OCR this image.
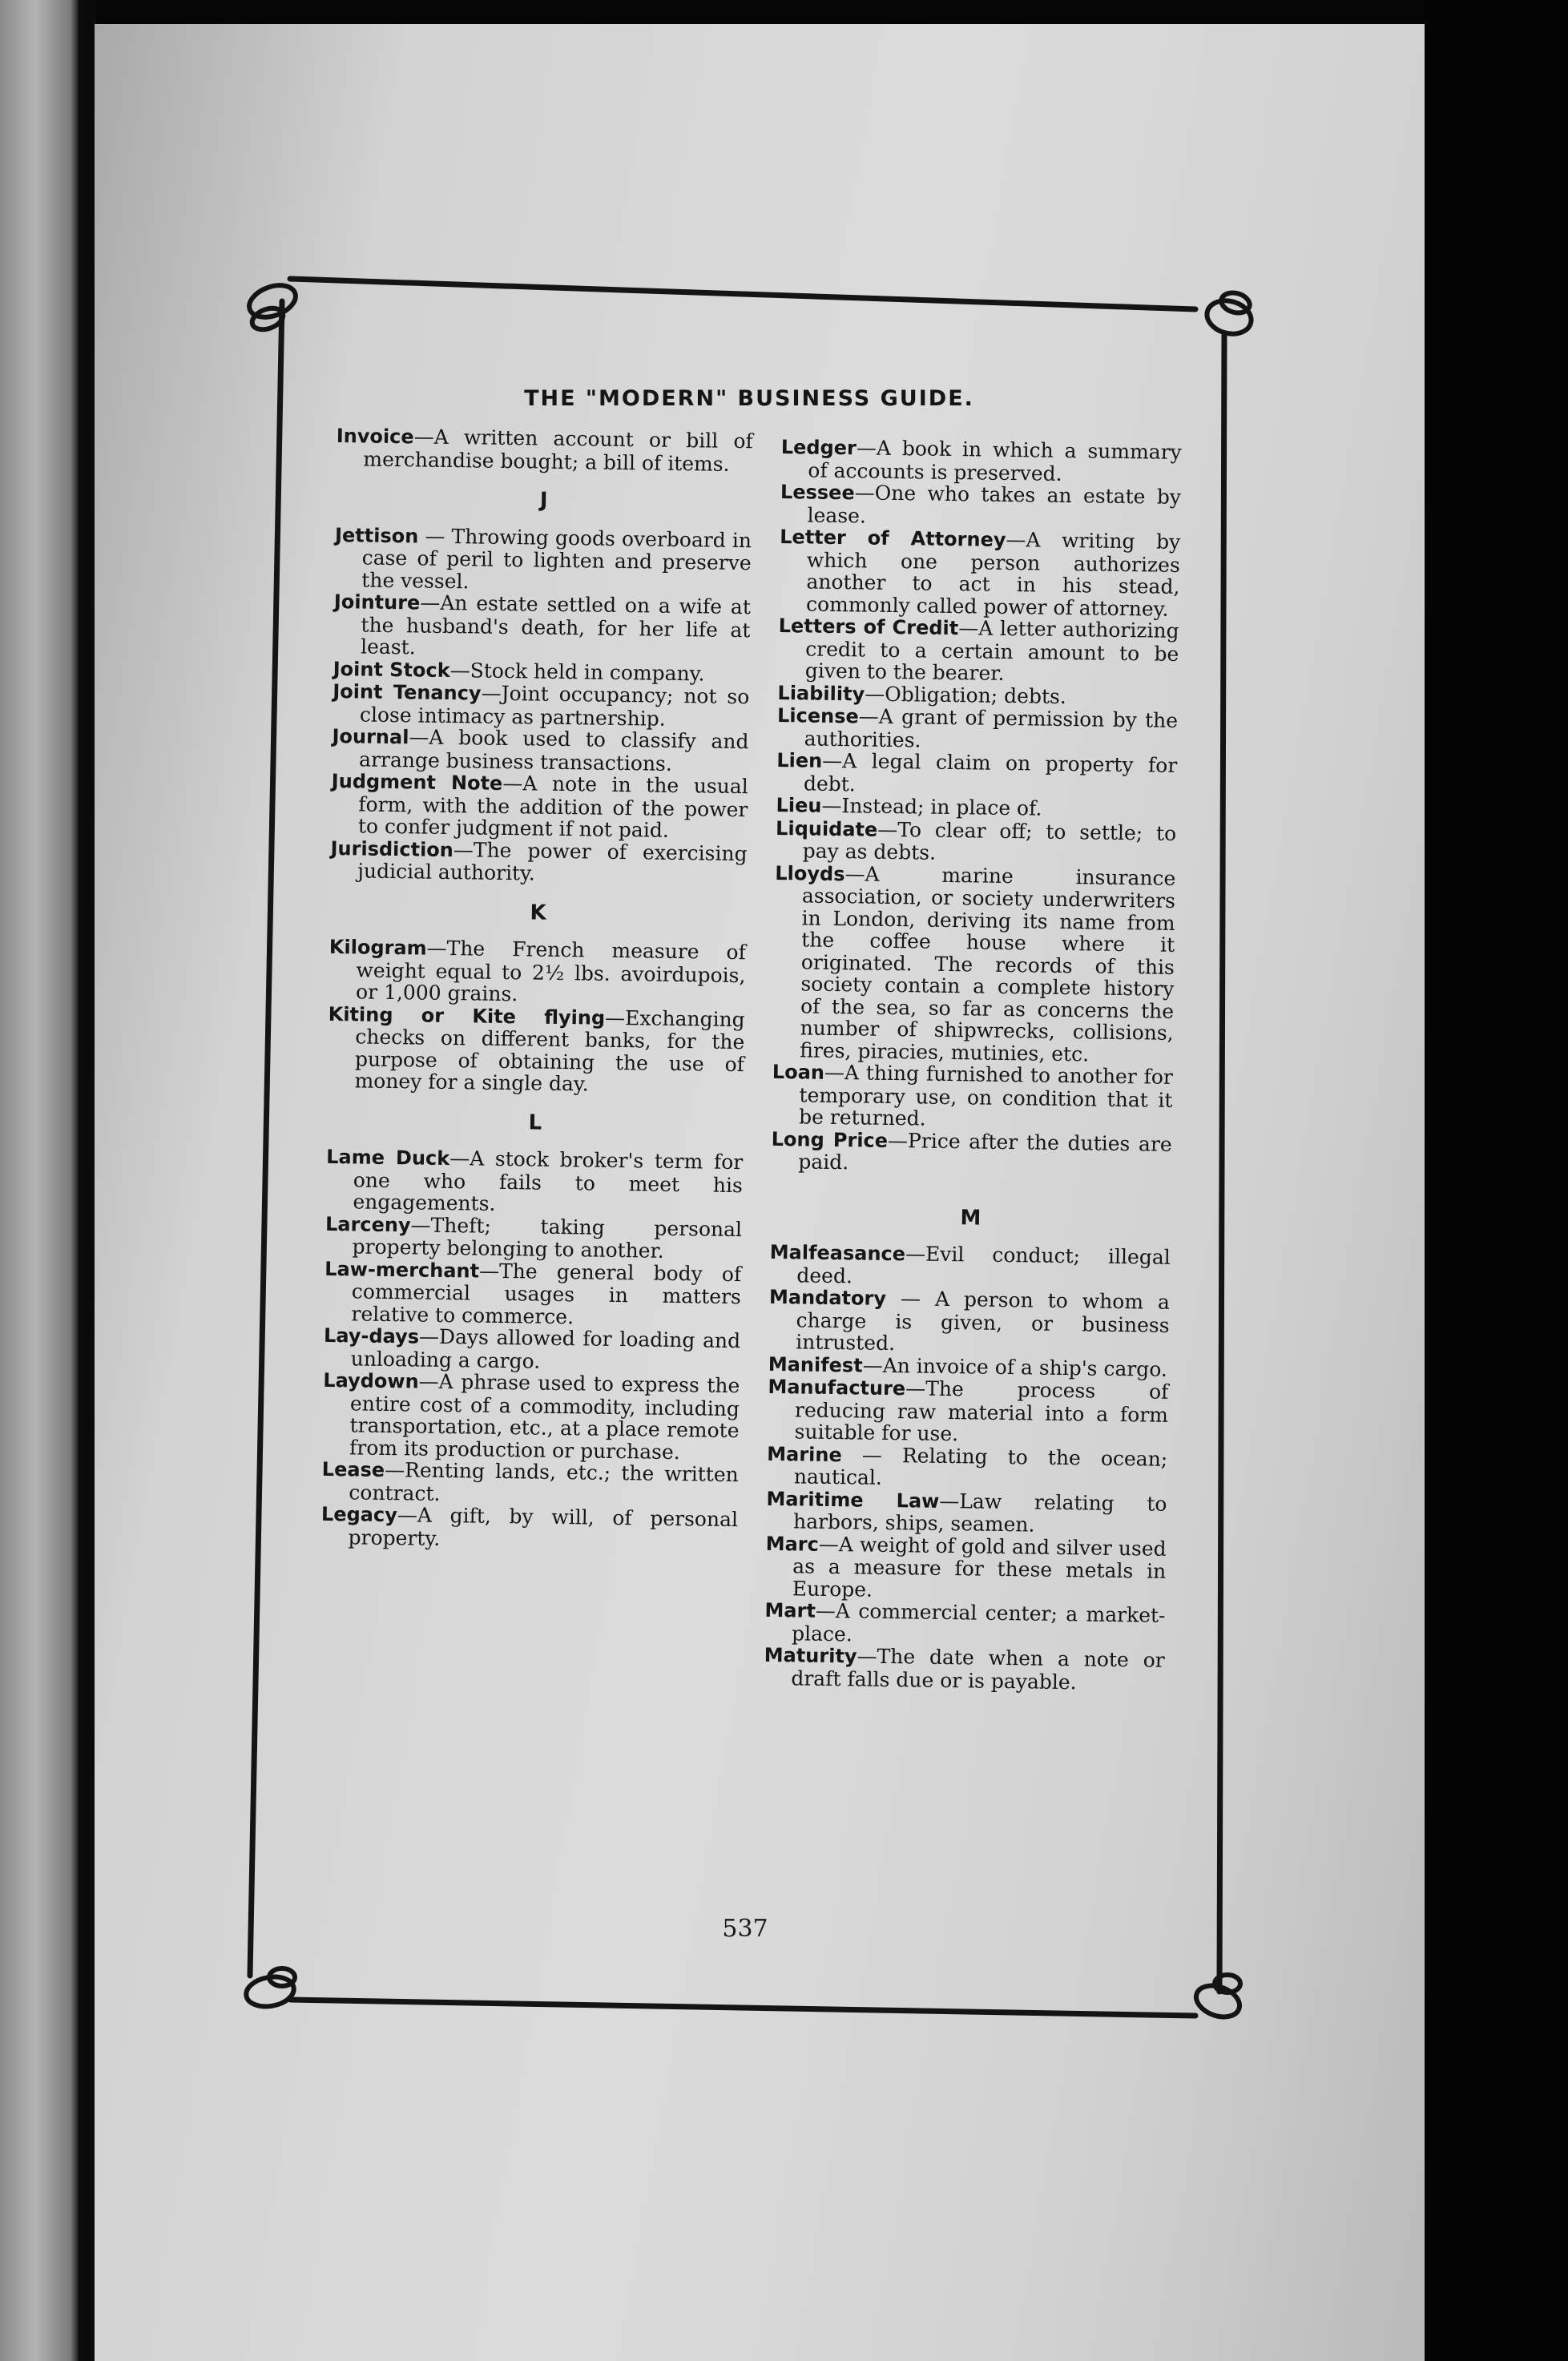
THE "MODERN" BUSINESS GUIDE.

Invoice—A written account or bill of merchandise bought; a bill of items.

J

Jettison — Throwing goods overboard in case of peril to lighten and preserve the vessel.

Jointure—An estate settled on a wife at the husband's death, for her life at least.

Joint Stock—Stock held in company.

Joint Tenancy—Joint occupancy; not so close intimacy as partnership.

Journal—A book used to classify and arrange business transactions.

Judgment Note—A note in the usual form, with the addition of the power to confer judgment if not paid.

Jurisdiction—The power of exercising judicial authority.

K

Kilogram—The French measure of weight equal to 2½ lbs. avoirdupois, or 1,000 grains.

Kiting or Kite flying—Exchanging checks on different banks, for the purpose of obtaining the use of money for a single day.

L

Lame Duck—A stock broker's term for one who fails to meet his engagements.

Larceny—Theft; taking personal property belonging to another.

Law-merchant—The general body of commercial usages in matters relative to commerce.

Lay-days—Days allowed for loading and unloading a cargo.

Laydown—A phrase used to express the entire cost of a commodity, including transportation, etc., at a place remote from its production or purchase.

Lease—Renting lands, etc.; the written contract.

Legacy—A gift, by will, of personal property.

Ledger—A book in which a summary of accounts is preserved.

Lessee—One who takes an estate by lease.

Letter of Attorney—A writing by which one person authorizes another to act in his stead, commonly called power of attorney.

Letters of Credit—A letter authorizing credit to a certain amount to be given to the bearer.

Liability—Obligation; debts.

License—A grant of permission by the authorities.

Lien—A legal claim on property for debt.

Lieu—Instead; in place of.

Liquidate—To clear off; to settle; to pay as debts.

Lloyds—A marine insurance association, or society underwriters in London, deriving its name from the coffee house where it originated. The records of this society contain a complete history of the sea, so far as concerns the number of shipwrecks, collisions, fires, piracies, mutinies, etc.

Loan—A thing furnished to another for temporary use, on condition that it be returned.

Long Price—Price after the duties are paid.

M

Malfeasance—Evil conduct; illegal deed.

Mandatory — A person to whom a charge is given, or business intrusted.

Manifest—An invoice of a ship's cargo.

Manufacture—The process of reducing raw material into a form suitable for use.

Marine — Relating to the ocean; nautical.

Maritime Law—Law relating to harbors, ships, seamen.

Marc—A weight of gold and silver used as a measure for these metals in Europe.

Mart—A commercial center; a market-place.

Maturity—The date when a note or draft falls due or is payable.

537
